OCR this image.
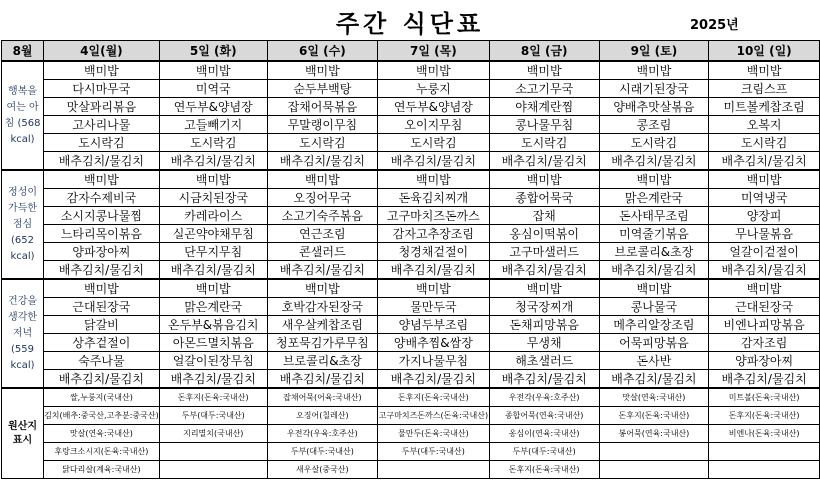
주간 식단표	2025년
8월	4일(월)	5일 (화)	6일 (수)	7일 (목)	8일 (금)	9일 (토)	10일 (일)
행복을 여는 아침 (568 kcal)	백미밥	백미밥	백미밥	백미밥	백미밥	백미밥	백미밥
	다시마무국	미역국	순두부백탕	누룽지	소고기무국	시래기된장국	크림스프
	맛살꽈리볶음	연두부&양념장	잡채어묵볶음	연두부&양념장	야채계란찜	양배추맛살볶음	미트볼케찹조림
	고사리나물	고들빼기지	무말랭이무침	오이지무침	콩나물무침	콩조림	오복지
	도시락김	도시락김	도시락김	도시락김	도시락김	도시락김	도시락김
	배추김치/물김치	배추김치/물김치	배추김치/물김치	배추김치/물김치	배추김치/물김치	배추김치/물김치	배추김치/물김치
정성이 가득한 점심 (652 kcal)	백미밥	백미밥	백미밥	백미밥	백미밥	백미밥	백미밥
	감자수제비국	시금치된장국	오징어무국	돈육김치찌개	종합어묵국	맑은계란국	미역냉국
	소시지콩나물찜	카레라이스	소고기숙주볶음	고구마치즈돈까스	잡채	돈사태무조림	양장피
	느타리목이볶음	실곤약야채무침	연근조림	감자고추장조림	옹심이떡볶이	미역줄기볶음	무나물볶음
	양파장아찌	단무지무침	콘샐러드	청경채겉절이	고구마샐러드	브로콜리&초장	얼갈이겉절이
	배추김치/물김치	배추김치/물김치	배추김치/물김치	배추김치/물김치	배추김치/물김치	배추김치/물김치	배추김치/물김치
건강을 생각한 저녁 (559 kcal)	백미밥	백미밥	백미밥	백미밥	백미밥	백미밥	백미밥
	근대된장국	맑은계란국	호박감자된장국	물만두국	청국장찌개	콩나물국	근대된장국
	닭갈비	온두부&볶음김치	새우살케찹조림	양념두부조림	돈채피망볶음	메추리알장조림	비엔나피망볶음
	상추겉절이	아몬드멸치볶음	청포묵김가루무침	양배추찜&쌈장	무생채	어묵피망볶음	감자조림
	숙주나물	얼갈이된장무침	브로콜리&초장	가지나물무침	해초샐러드	돈사반	양파장아찌
	배추김치/물김치	배추김치/물김치	배추김치/물김치	배추김치/물김치	배추김치/물김치	배추김치/물김치	배추김치/물김치
원산지 표시	쌀,누룽지(국내산)	돈후지(돈육:국내산)	잡채어묵(어육:국내산)	돈후지(돈육:국내산)	우전각(우육:호주산)	맛살(연육:국내산)	미트볼(돈육:국내산)
	김치(배추:중국산,고추분:중국산)	두부(대두:국내산)	오징어(칠레산)	고구마치즈돈까스(돈육:국내산)	종합어묵(연육:국내산)	돈후지(돈육:국내산)	돈후지(돈육:국내산)
	맛살(연육:국내산)	지리멸치(국내산)	우전각(우육:호주산)	물만두(돈육:국내산)	옹심이(연육:국내산)	봉어묵(연육:국내산)	비엔나(돈육:국내산)
	후랑크소시지(돈육:국내산)		두부(대두:국내산)	두부(대두:국내산)	두부(대두:국내산)		
	닭다리살(계육:국내산)		새우살(중국산)		돈후지(돈육:국내산)		
